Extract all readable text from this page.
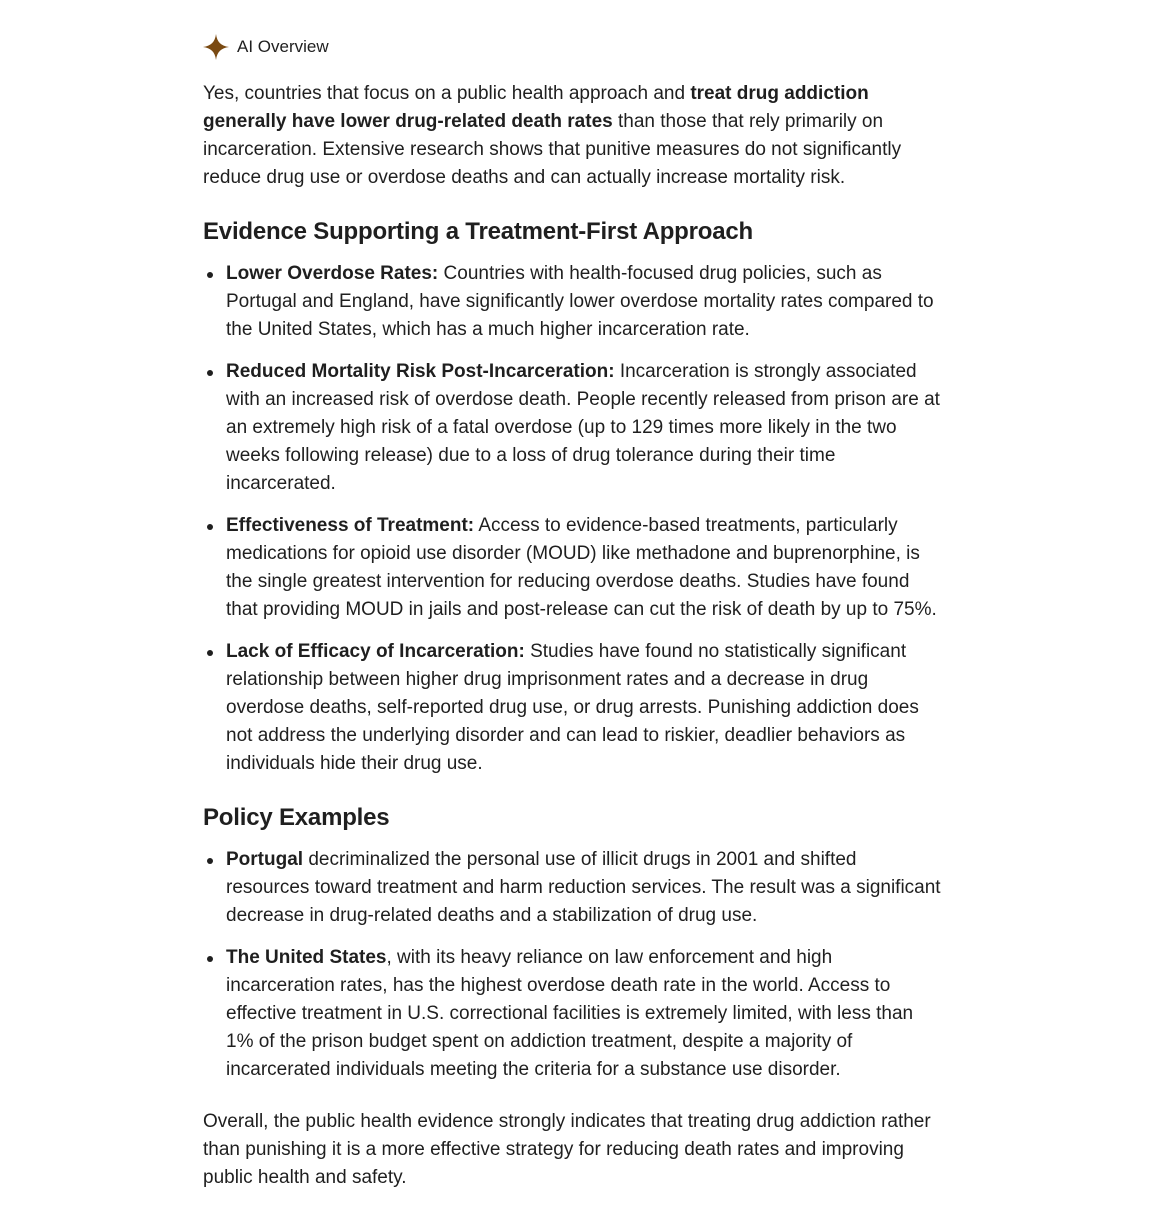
AI Overview

Yes, countries that focus on a public health approach and treat drug addiction generally have lower drug-related death rates than those that rely primarily on incarceration. Extensive research shows that punitive measures do not significantly reduce drug use or overdose deaths and can actually increase mortality risk.

Evidence Supporting a Treatment-First Approach
Lower Overdose Rates: Countries with health-focused drug policies, such as Portugal and England, have significantly lower overdose mortality rates compared to the United States, which has a much higher incarceration rate.
Reduced Mortality Risk Post-Incarceration: Incarceration is strongly associated with an increased risk of overdose death. People recently released from prison are at an extremely high risk of a fatal overdose (up to 129 times more likely in the two weeks following release) due to a loss of drug tolerance during their time incarcerated.
Effectiveness of Treatment: Access to evidence-based treatments, particularly medications for opioid use disorder (MOUD) like methadone and buprenorphine, is the single greatest intervention for reducing overdose deaths. Studies have found that providing MOUD in jails and post-release can cut the risk of death by up to 75%.
Lack of Efficacy of Incarceration: Studies have found no statistically significant relationship between higher drug imprisonment rates and a decrease in drug overdose deaths, self-reported drug use, or drug arrests. Punishing addiction does not address the underlying disorder and can lead to riskier, deadlier behaviors as individuals hide their drug use.
Policy Examples
Portugal decriminalized the personal use of illicit drugs in 2001 and shifted resources toward treatment and harm reduction services. The result was a significant decrease in drug-related deaths and a stabilization of drug use.
The United States, with its heavy reliance on law enforcement and high incarceration rates, has the highest overdose death rate in the world. Access to effective treatment in U.S. correctional facilities is extremely limited, with less than 1% of the prison budget spent on addiction treatment, despite a majority of incarcerated individuals meeting the criteria for a substance use disorder.

Overall, the public health evidence strongly indicates that treating drug addiction rather than punishing it is a more effective strategy for reducing death rates and improving public health and safety.
